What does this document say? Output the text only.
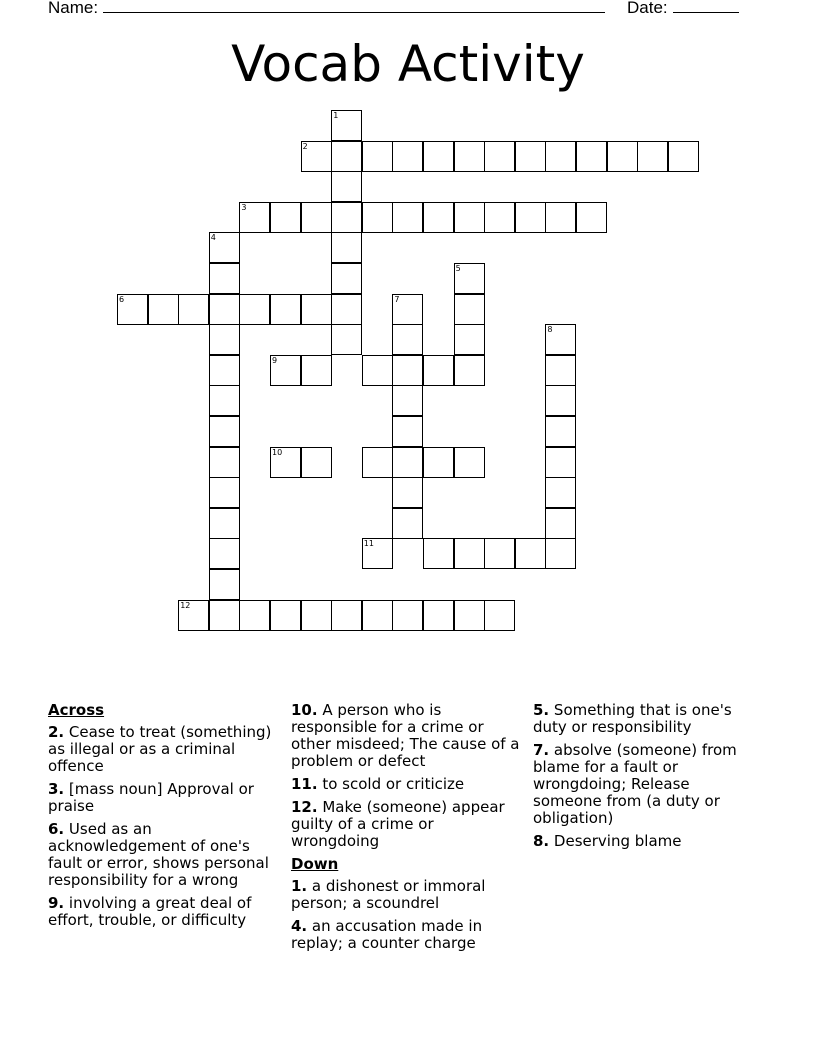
Name:	Date:
Vocab Activity
1
2
3
4
5
6	7
8
9
10
11
12
Across
2. Cease to treat (something) as illegal or as a criminal offence
3. [mass noun] Approval or praise
6. Used as an acknowledgement of one's fault or error, shows personal responsibility for a wrong
9. involving a great deal of effort, trouble, or difficulty
10. A person who is responsible for a crime or other misdeed; The cause of a problem or defect
11. to scold or criticize
12. Make (someone) appear guilty of a crime or wrongdoing
Down
1. a dishonest or immoral person; a scoundrel
4. an accusation made in replay; a counter charge
5. Something that is one's duty or responsibility
7. absolve (someone) from blame for a fault or wrongdoing; Release someone from (a duty or obligation)
8. Deserving blame
